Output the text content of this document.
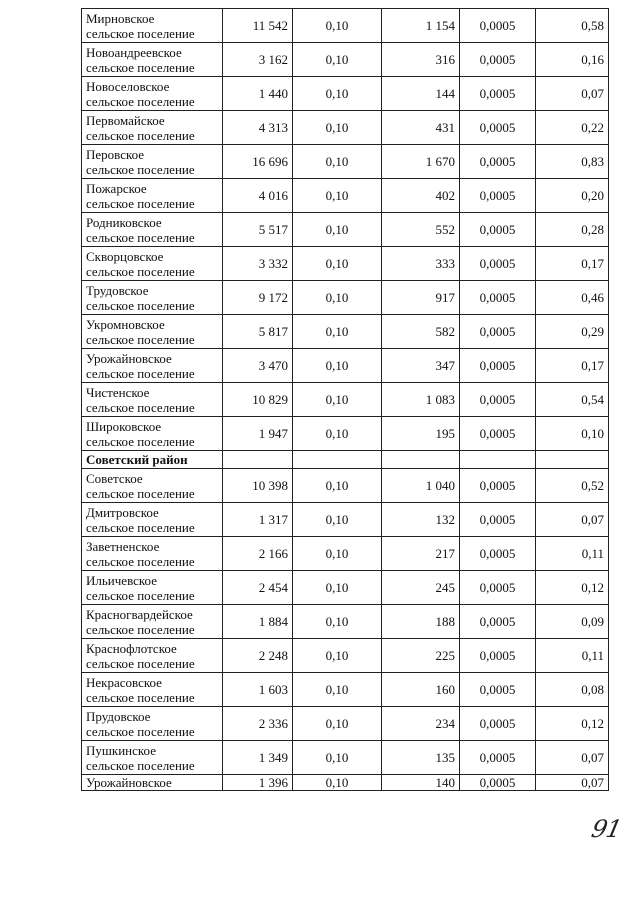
Мирновское
сельское поселение	11 542	0,10	1 154	0,0005	0,58

Новоандреевское
сельское поселение	3 162	0,10	316	0,0005	0,16

Новоселовское
сельское поселение	1 440	0,10	144	0,0005	0,07

Первомайское
сельское поселение	4 313	0,10	431	0,0005	0,22

Перовское
сельское поселение	16 696	0,10	1 670	0,0005	0,83

Пожарское
сельское поселение	4 016	0,10	402	0,0005	0,20

Родниковское
сельское поселение	5 517	0,10	552	0,0005	0,28

Скворцовское
сельское поселение	3 332	0,10	333	0,0005	0,17

Трудовское
сельское поселение	9 172	0,10	917	0,0005	0,46

Укромновское
сельское поселение	5 817	0,10	582	0,0005	0,29

Урожайновское
сельское поселение	3 470	0,10	347	0,0005	0,17

Чистенское
сельское поселение	10 829	0,10	1 083	0,0005	0,54

Широковское
сельское поселение	1 947	0,10	195	0,0005	0,10
Советский район					

Советское
сельское поселение	10 398	0,10	1 040	0,0005	0,52

Дмитровское
сельское поселение	1 317	0,10	132	0,0005	0,07

Заветненское
сельское поселение	2 166	0,10	217	0,0005	0,11

Ильичевское
сельское поселение	2 454	0,10	245	0,0005	0,12

Красногвардейское
сельское поселение	1 884	0,10	188	0,0005	0,09

Краснофлотское
сельское поселение	2 248	0,10	225	0,0005	0,11

Некрасовское
сельское поселение	1 603	0,10	160	0,0005	0,08

Прудовское
сельское поселение	2 336	0,10	234	0,0005	0,12

Пушкинское
сельское поселение	1 349	0,10	135	0,0005	0,07

Урожайновское	1 396	0,10	140	0,0005	0,07
91
